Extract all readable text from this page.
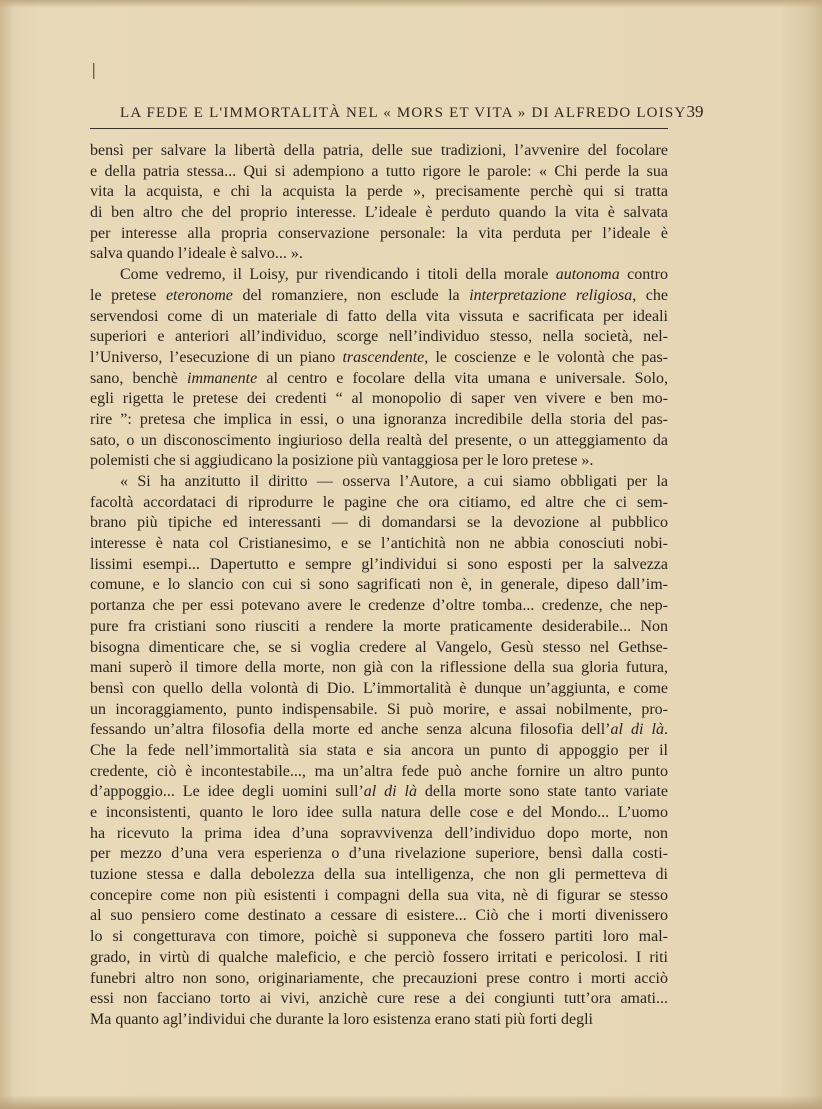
|
LA FEDE E L'IMMORTALITÀ NEL « MORS ET VITA » DI ALFREDO LOISY 39
bensì per salvare la libertà della patria, delle sue tradizioni, l’avvenire del focolare
e della patria stessa... Qui si adempiono a tutto rigore le parole: « Chi perde la sua
vita la acquista, e chi la acquista la perde », precisamente perchè qui si tratta
di ben altro che del proprio interesse. L’ideale è perduto quando la vita è salvata
per interesse alla propria conservazione personale: la vita perduta per l’ideale è
salva quando l’ideale è salvo... ».
Come vedremo, il Loisy, pur rivendicando i titoli della morale autonoma contro
le pretese eteronome del romanziere, non esclude la interpretazione religiosa, che
servendosi come di un materiale di fatto della vita vissuta e sacrificata per ideali
superiori e anteriori all’individuo, scorge nell’individuo stesso, nella società, nel-
l’Universo, l’esecuzione di un piano trascendente, le coscienze e le volontà che pas-
sano, benchè immanente al centro e focolare della vita umana e universale. Solo,
egli rigetta le pretese dei credenti “ al monopolio di saper ven vivere e ben mo-
rire ”: pretesa che implica in essi, o una ignoranza incredibile della storia del pas-
sato, o un disconoscimento ingiurioso della realtà del presente, o un atteggiamento da
polemisti che si aggiudicano la posizione più vantaggiosa per le loro pretese ».
« Si ha anzitutto il diritto — osserva l’Autore, a cui siamo obbligati per la
facoltà accordataci di riprodurre le pagine che ora citiamo, ed altre che ci sem-
brano più tipiche ed interessanti — di domandarsi se la devozione al pubblico
interesse è nata col Cristianesimo, e se l’antichità non ne abbia conosciuti nobi-
lissimi esempi... Dapertutto e sempre gl’individui si sono esposti per la salvezza
comune, e lo slancio con cui si sono sagrificati non è, in generale, dipeso dall’im-
portanza che per essi potevano avere le credenze d’oltre tomba... credenze, che nep-
pure fra cristiani sono riusciti a rendere la morte praticamente desiderabile... Non
bisogna dimenticare che, se si voglia credere al Vangelo, Gesù stesso nel Gethse-
mani superò il timore della morte, non già con la riflessione della sua gloria futura,
bensì con quello della volontà di Dio. L’immortalità è dunque un’aggiunta, e come
un incoraggiamento, punto indispensabile. Si può morire, e assai nobilmente, pro-
fessando un’altra filosofia della morte ed anche senza alcuna filosofia dell’al di là.
Che la fede nell’immortalità sia stata e sia ancora un punto di appoggio per il
credente, ciò è incontestabile..., ma un’altra fede può anche fornire un altro punto
d’appoggio... Le idee degli uomini sull’al di là della morte sono state tanto variate
e inconsistenti, quanto le loro idee sulla natura delle cose e del Mondo... L’uomo
ha ricevuto la prima idea d’una sopravvivenza dell’individuo dopo morte, non
per mezzo d’una vera esperienza o d’una rivelazione superiore, bensì dalla costi-
tuzione stessa e dalla debolezza della sua intelligenza, che non gli permetteva di
concepire come non più esistenti i compagni della sua vita, nè di figurar se stesso
al suo pensiero come destinato a cessare di esistere... Ciò che i morti divenissero
lo si congetturava con timore, poichè si supponeva che fossero partiti loro mal-
grado, in virtù di qualche maleficio, e che perciò fossero irritati e pericolosi. I riti
funebri altro non sono, originariamente, che precauzioni prese contro i morti acciò
essi non facciano torto ai vivi, anzichè cure rese a dei congiunti tutt’ora amati...
Ma quanto agl’individui che durante la loro esistenza erano stati più forti degli
